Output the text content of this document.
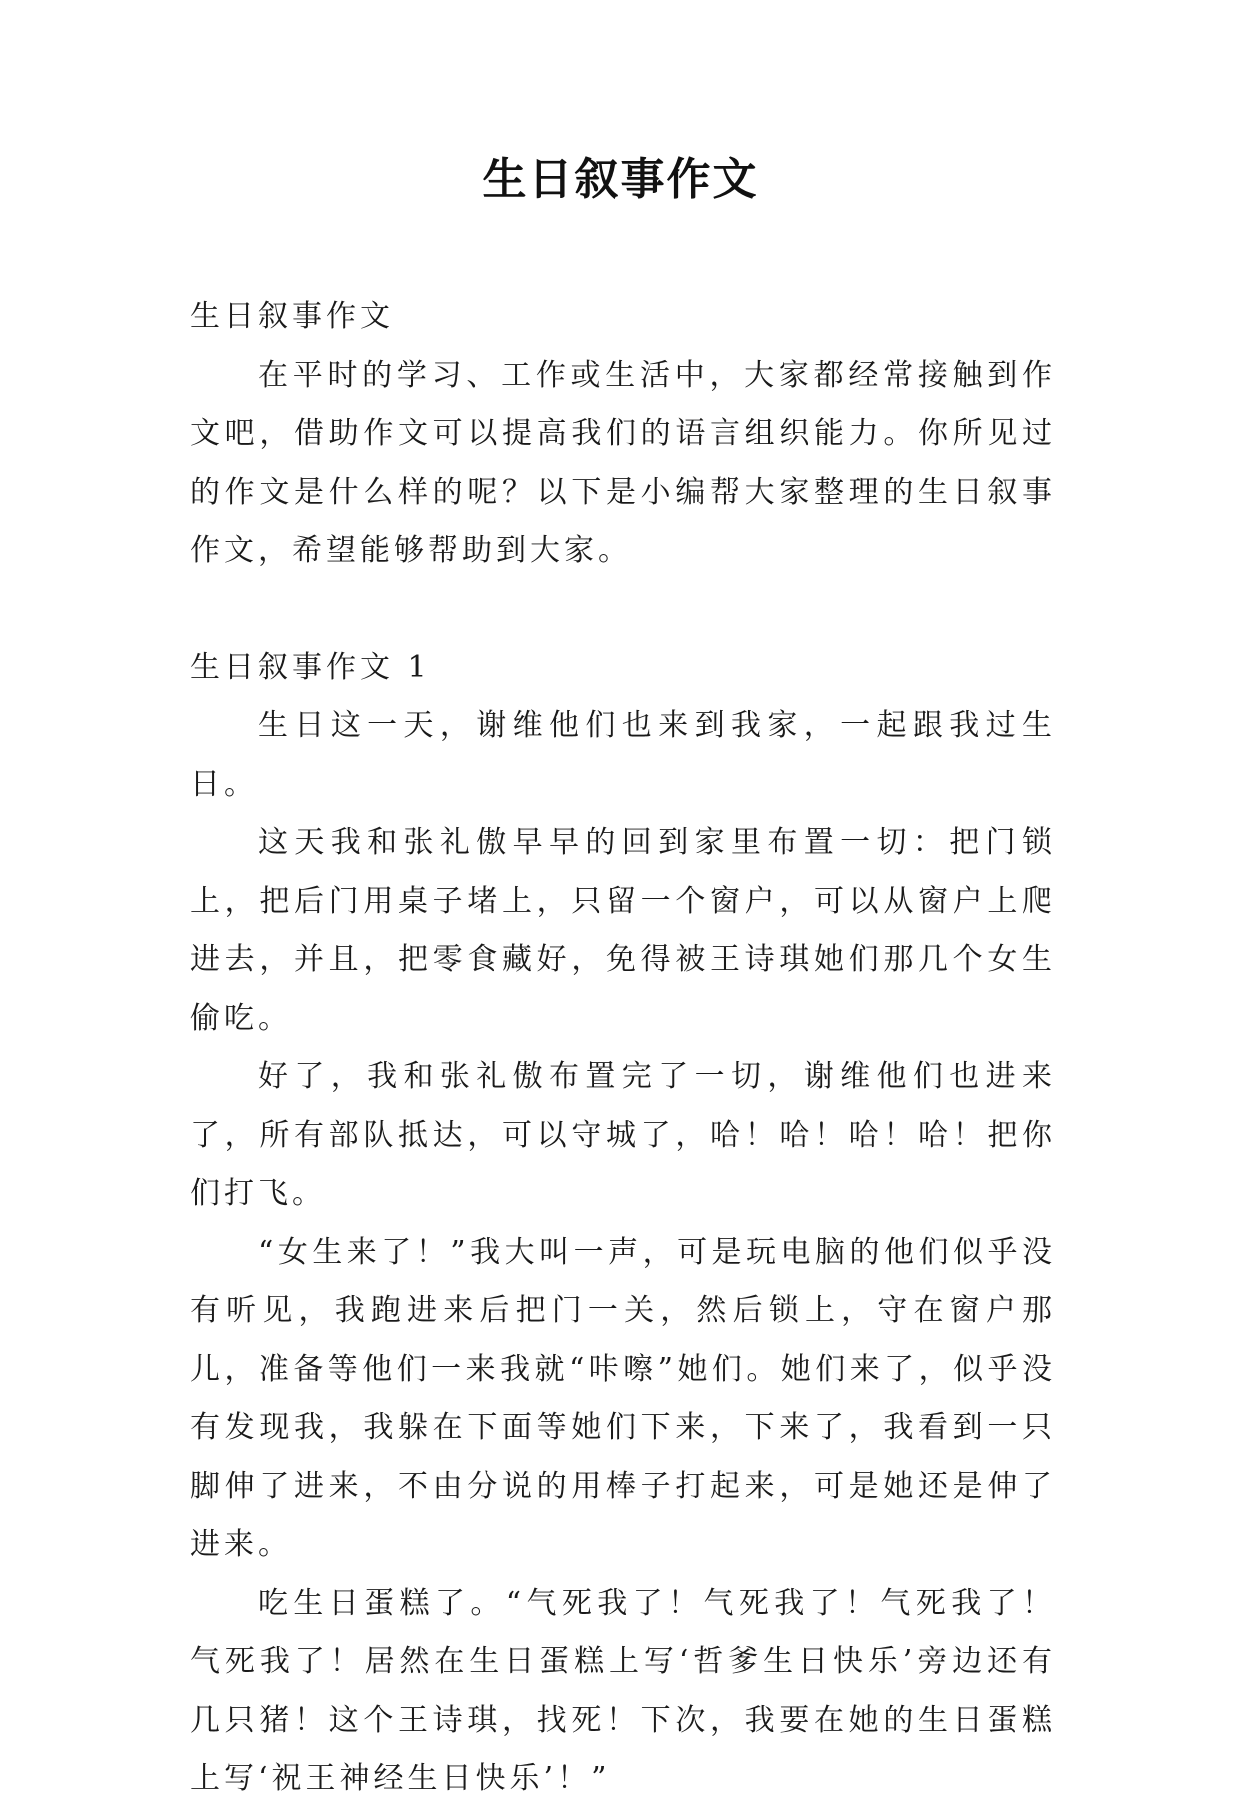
生日叙事作文

生日叙事作文

在平时的学习、工作或生活中，大家都经常接触到作文吧，借助作文可以提高我们的语言组织能力。你所见过的作文是什么样的呢？以下是小编帮大家整理的生日叙事作文，希望能够帮助到大家。

生日叙事作文 1

生日这一天，谢维他们也来到我家，一起跟我过生日。

这天我和张礼傲早早的回到家里布置一切：把门锁上，把后门用桌子堵上，只留一个窗户，可以从窗户上爬进去，并且，把零食藏好，免得被王诗琪她们那几个女生偷吃。

好了，我和张礼傲布置完了一切，谢维他们也进来了，所有部队抵达，可以守城了，哈！哈！哈！哈！把你们打飞。

“女生来了！”我大叫一声，可是玩电脑的他们似乎没有听见，我跑进来后把门一关，然后锁上，守在窗户那儿，准备等他们一来我就“咔嚓”她们。她们来了，似乎没有发现我，我躲在下面等她们下来，下来了，我看到一只脚伸了进来，不由分说的用棒子打起来，可是她还是伸了进来。

吃生日蛋糕了。“气死我了！气死我了！气死我了！气死我了！居然在生日蛋糕上写‘哲爹生日快乐’旁边还有几只猪！这个王诗琪，找死！下次，我要在她的生日蛋糕上写‘祝王神经生日快乐’！”
